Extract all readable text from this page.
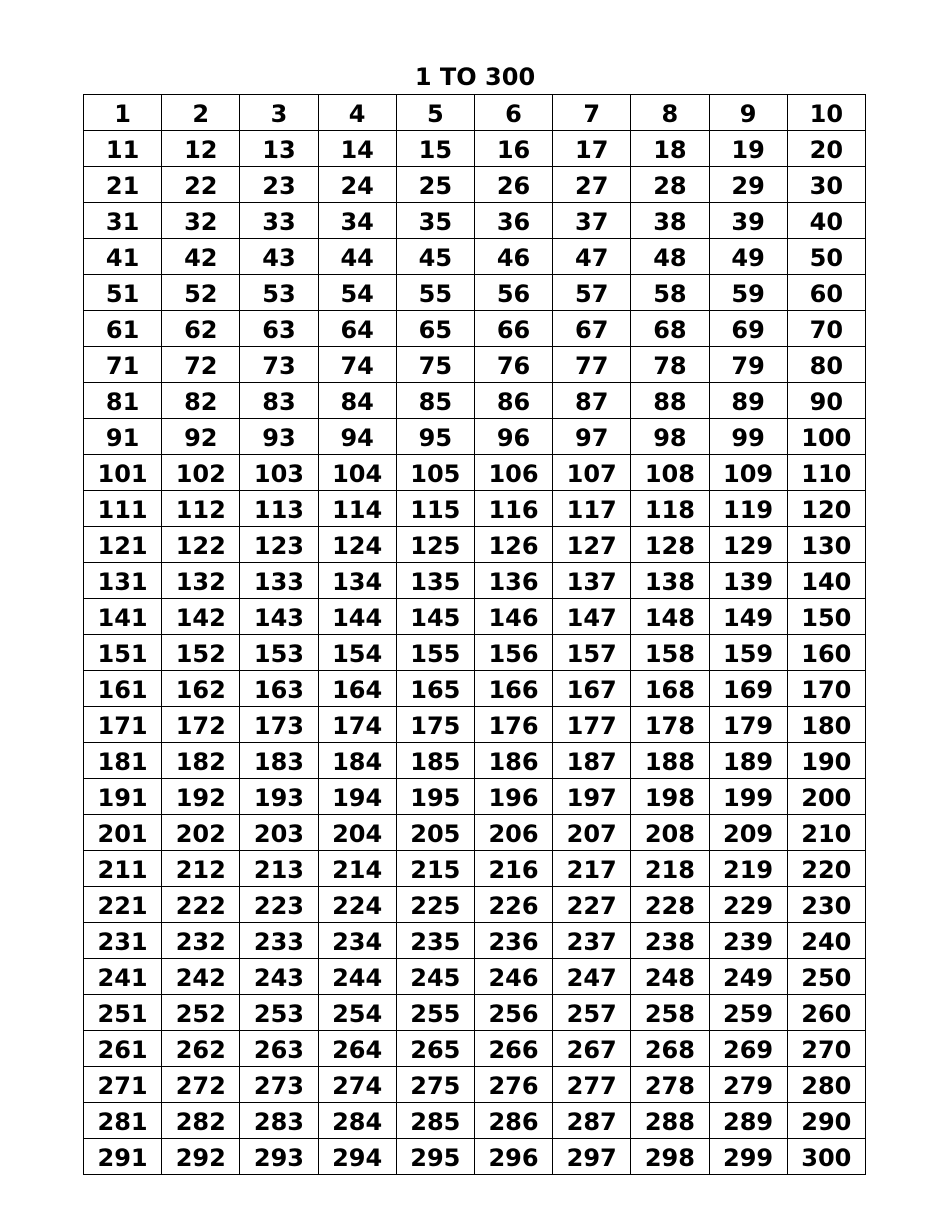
1 TO 300
1	2	3	4	5	6	7	8	9	10
11	12	13	14	15	16	17	18	19	20
21	22	23	24	25	26	27	28	29	30
31	32	33	34	35	36	37	38	39	40
41	42	43	44	45	46	47	48	49	50
51	52	53	54	55	56	57	58	59	60
61	62	63	64	65	66	67	68	69	70
71	72	73	74	75	76	77	78	79	80
81	82	83	84	85	86	87	88	89	90
91	92	93	94	95	96	97	98	99	100
101	102	103	104	105	106	107	108	109	110
111	112	113	114	115	116	117	118	119	120
121	122	123	124	125	126	127	128	129	130
131	132	133	134	135	136	137	138	139	140
141	142	143	144	145	146	147	148	149	150
151	152	153	154	155	156	157	158	159	160
161	162	163	164	165	166	167	168	169	170
171	172	173	174	175	176	177	178	179	180
181	182	183	184	185	186	187	188	189	190
191	192	193	194	195	196	197	198	199	200
201	202	203	204	205	206	207	208	209	210
211	212	213	214	215	216	217	218	219	220
221	222	223	224	225	226	227	228	229	230
231	232	233	234	235	236	237	238	239	240
241	242	243	244	245	246	247	248	249	250
251	252	253	254	255	256	257	258	259	260
261	262	263	264	265	266	267	268	269	270
271	272	273	274	275	276	277	278	279	280
281	282	283	284	285	286	287	288	289	290
291	292	293	294	295	296	297	298	299	300
